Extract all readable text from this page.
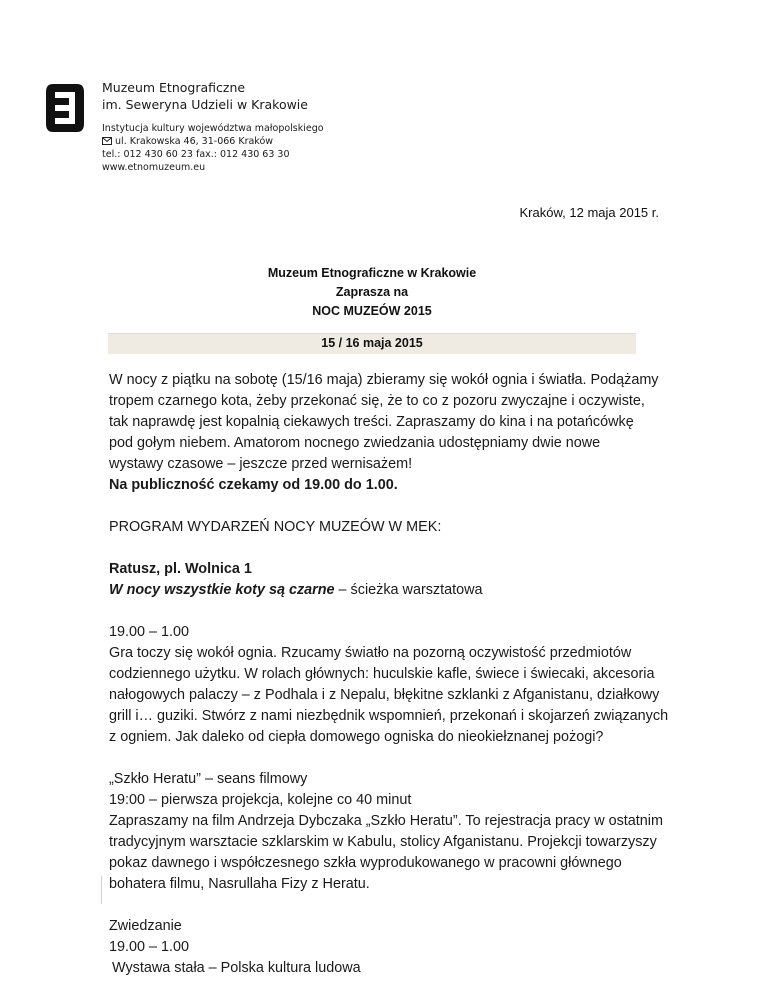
Muzeum Etnograficzne
im. Seweryna Udzieli w Krakowie
Instytucja kultury województwa małopolskiego
ul. Krakowska 46, 31-066 Kraków
tel.: 012 430 60 23 fax.: 012 430 63 30
www.etnomuzeum.eu
Kraków, 12 maja 2015 r.
Muzeum Etnograficzne w Krakowie
Zaprasza na
NOC MUZEÓW 2015
15 / 16 maja 2015

W nocy z piątku na sobotę (15/16 maja) zbieramy się wokół ognia i światła. Podążamy

tropem czarnego kota, żeby przekonać się, że to co z pozoru zwyczajne i oczywiste,

tak naprawdę jest kopalnią ciekawych treści. Zapraszamy do kina i na potańcówkę

pod gołym niebem. Amatorom nocnego zwiedzania udostępniamy dwie nowe

wystawy czasowe – jeszcze przed wernisażem!

Na publiczność czekamy od 19.00 do 1.00.

PROGRAM WYDARZEŃ NOCY MUZEÓW W MEK:

Ratusz, pl. Wolnica 1

W nocy wszystkie koty są czarne – ścieżka warsztatowa

19.00 – 1.00

Gra toczy się wokół ognia. Rzucamy światło na pozorną oczywistość przedmiotów

codziennego użytku. W rolach głównych: huculskie kafle, świece i świecaki, akcesoria

nałogowych palaczy – z Podhala i z Nepalu, błękitne szklanki z Afganistanu, działkowy

grill i… guziki. Stwórz z nami niezbędnik wspomnień, przekonań i skojarzeń związanych

z ogniem. Jak daleko od ciepła domowego ogniska do nieokiełznanej pożogi?

„Szkło Heratu” – seans filmowy

19:00 – pierwsza projekcja, kolejne co 40 minut

Zapraszamy na film Andrzeja Dybczaka „Szkło Heratu”. To rejestracja pracy w ostatnim

tradycyjnym warsztacie szklarskim w Kabulu, stolicy Afganistanu. Projekcji towarzyszy

pokaz dawnego i współczesnego szkła wyprodukowanego w pracowni głównego

bohatera filmu, Nasrullaha Fizy z Heratu.

Zwiedzanie

19.00 – 1.00

Wystawa stała – Polska kultura ludowa
